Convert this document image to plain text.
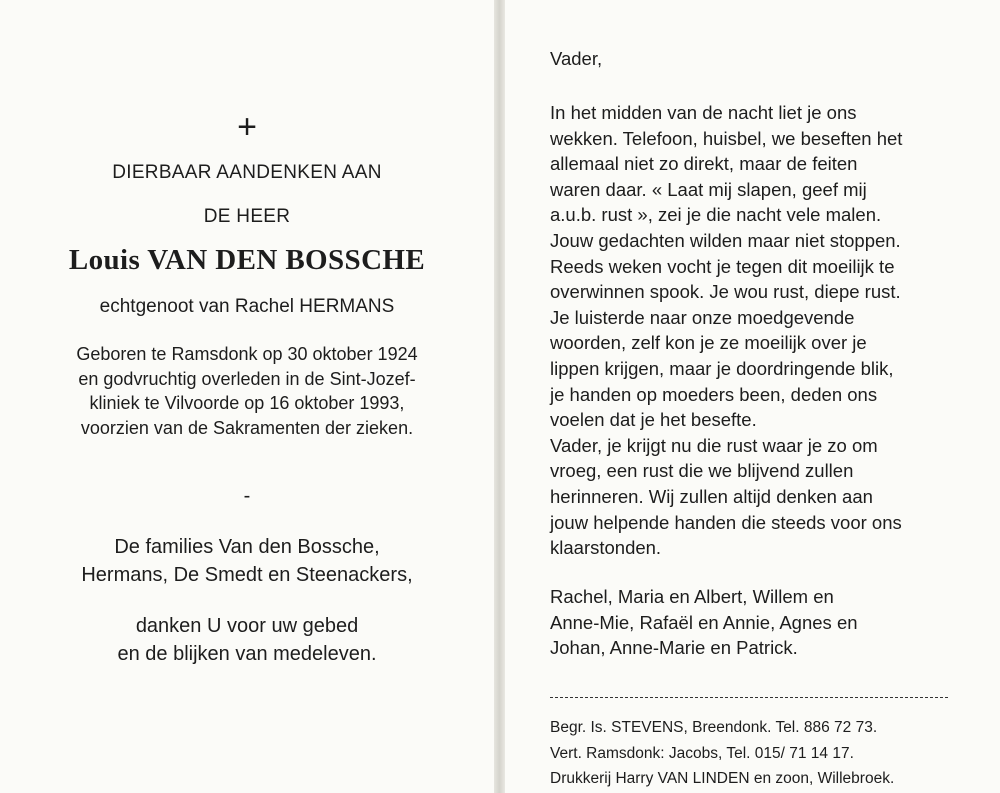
+
DIERBAAR AANDENKEN AAN
DE HEER
Louis VAN DEN BOSSCHE
echtgenoot van Rachel HERMANS
Geboren te Ramsdonk op 30 oktober 1924
en godvruchtig overleden in de Sint-Jozef-
kliniek te Vilvoorde op 16 oktober 1993,
voorzien van de Sakramenten der zieken.
-
De families Van den Bossche,
Hermans, De Smedt en Steenackers,
danken U voor uw gebed
en de blijken van medeleven.
Vader,
In het midden van de nacht liet je ons
wekken. Telefoon, huisbel, we beseften het
allemaal niet zo direkt, maar de feiten
waren daar. « Laat mij slapen, geef mij
a.u.b. rust », zei je die nacht vele malen.
Jouw gedachten wilden maar niet stoppen.
Reeds weken vocht je tegen dit moeilijk te
overwinnen spook. Je wou rust, diepe rust.
Je luisterde naar onze moedgevende
woorden, zelf kon je ze moeilijk over je
lippen krijgen, maar je doordringende blik,
je handen op moeders been, deden ons
voelen dat je het besefte.
Vader, je krijgt nu die rust waar je zo om
vroeg, een rust die we blijvend zullen
herinneren. Wij zullen altijd denken aan
jouw helpende handen die steeds voor ons
klaarstonden.
Rachel, Maria en Albert, Willem en
Anne-Mie, Rafaël en Annie, Agnes en
Johan, Anne-Marie en Patrick.
Begr. Is. STEVENS, Breendonk. Tel. 886 72 73.
Vert. Ramsdonk: Jacobs, Tel. 015/ 71 14 17.
Drukkerij Harry VAN LINDEN en zoon, Willebroek.
